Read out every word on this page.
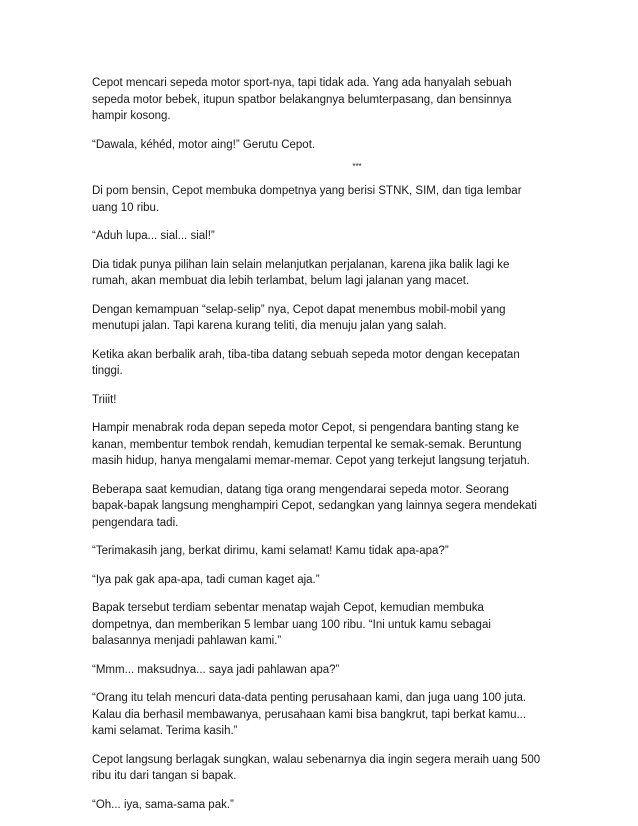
Cepot mencari sepeda motor sport-nya, tapi tidak ada. Yang ada hanyalah sebuah
sepeda motor bebek, itupun spatbor belakangnya belumterpasang, dan bensinnya
hampir kosong.

“Dawala, kéhéd, motor aing!” Gerutu Cepot.

***

Di pom bensin, Cepot membuka dompetnya yang berisi STNK, SIM, dan tiga lembar
uang 10 ribu.

“Aduh lupa... sial... sial!”

Dia tidak punya pilihan lain selain melanjutkan perjalanan, karena jika balik lagi ke
rumah, akan membuat dia lebih terlambat, belum lagi jalanan yang macet.

Dengan kemampuan “selap-selip” nya, Cepot dapat menembus mobil-mobil yang
menutupi jalan. Tapi karena kurang teliti, dia menuju jalan yang salah.

Ketika akan berbalik arah, tiba-tiba datang sebuah sepeda motor dengan kecepatan
tinggi.

Triiit!

Hampir menabrak roda depan sepeda motor Cepot, si pengendara banting stang ke
kanan, membentur tembok rendah, kemudian terpental ke semak-semak. Beruntung
masih hidup, hanya mengalami memar-memar. Cepot yang terkejut langsung terjatuh.

Beberapa saat kemudian, datang tiga orang mengendarai sepeda motor. Seorang
bapak-bapak langsung menghampiri Cepot, sedangkan yang lainnya segera mendekati
pengendara tadi.

“Terimakasih jang, berkat dirimu, kami selamat! Kamu tidak apa-apa?”

“Iya pak gak apa-apa, tadi cuman kaget aja.”

Bapak tersebut terdiam sebentar menatap wajah Cepot, kemudian membuka
dompetnya, dan memberikan 5 lembar uang 100 ribu. “Ini untuk kamu sebagai
balasannya menjadi pahlawan kami.”

“Mmm... maksudnya... saya jadi pahlawan apa?”

“Orang itu telah mencuri data-data penting perusahaan kami, dan juga uang 100 juta.
Kalau dia berhasil membawanya, perusahaan kami bisa bangkrut, tapi berkat kamu...
kami selamat. Terima kasih.”

Cepot langsung berlagak sungkan, walau sebenarnya dia ingin segera meraih uang 500
ribu itu dari tangan si bapak.

“Oh... iya, sama-sama pak.”
